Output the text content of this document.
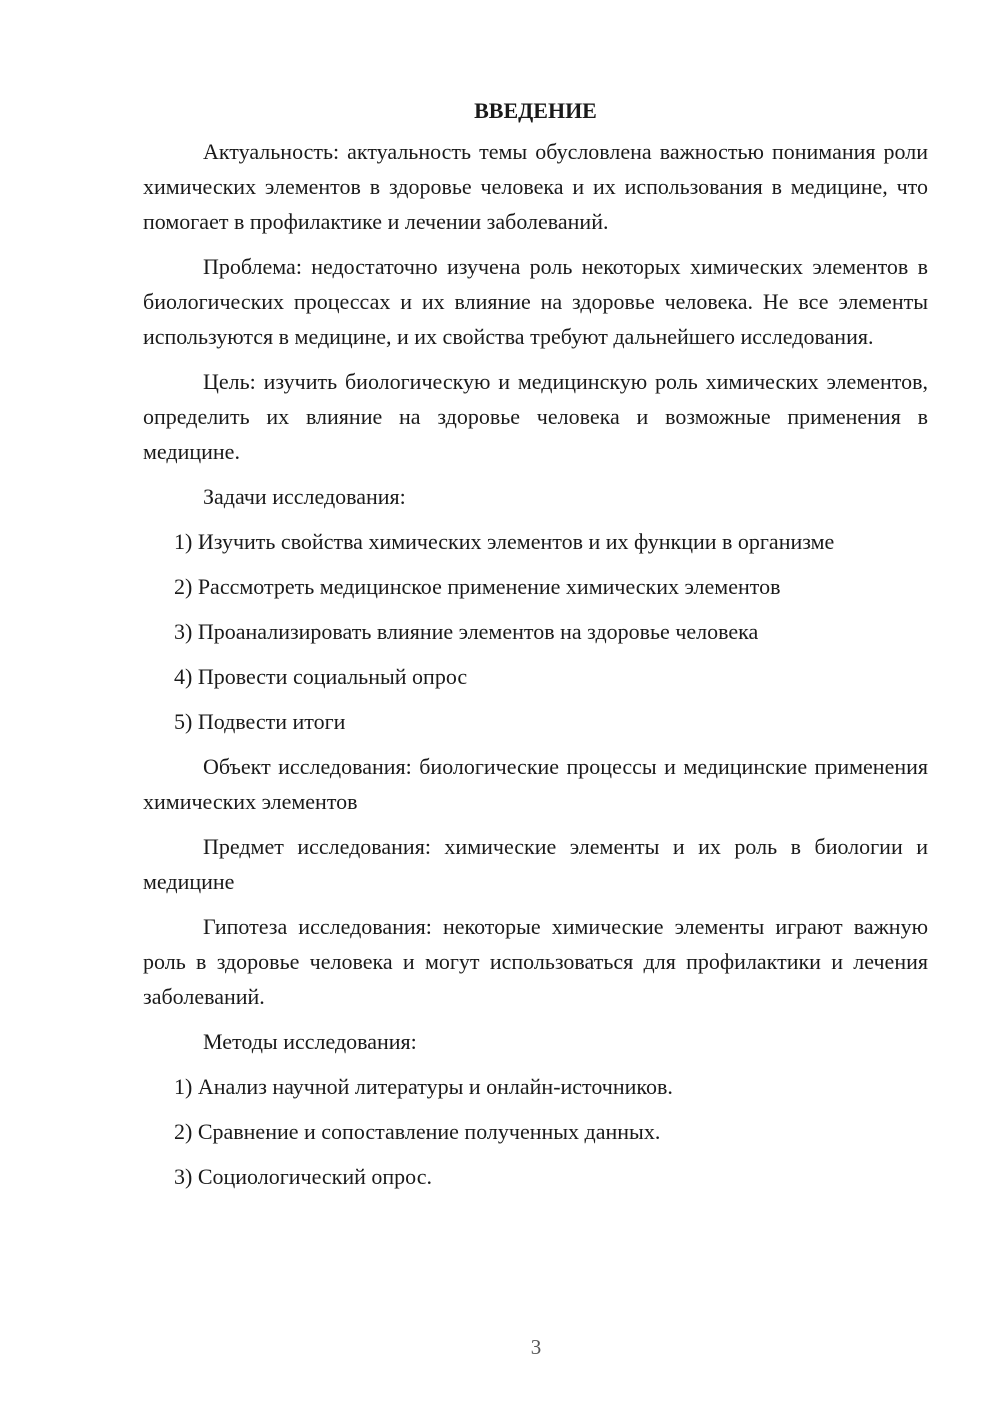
ВВЕДЕНИЕ

Актуальность: актуальность темы обусловлена важностью понимания роли химических элементов в здоровье человека и их использования в медицине, что помогает в профилактике и лечении заболеваний.

Проблема: недостаточно изучена роль некоторых химических элементов в биологических процессах и их влияние на здоровье человека. Не все элементы используются в медицине, и их свойства требуют дальнейшего исследования.

Цель: изучить биологическую и медицинскую роль химических элементов, определить их влияние на здоровье человека и возможные применения в медицине.

Задачи исследования:
1) Изучить свойства химических элементов и их функции в организме
2) Рассмотреть медицинское применение химических элементов
3) Проанализировать влияние элементов на здоровье человека
4) Провести социальный опрос
5) Подвести итоги

Объект исследования: биологические процессы и медицинские применения химических элементов

Предмет исследования: химические элементы и их роль в биологии и медицине

Гипотеза исследования: некоторые химические элементы играют важную роль в здоровье человека и могут использоваться для профилактики и лечения заболеваний.

Методы исследования:
1) Анализ научной литературы и онлайн-источников.
2) Сравнение и сопоставление полученных данных.
3) Социологический опрос.
3
